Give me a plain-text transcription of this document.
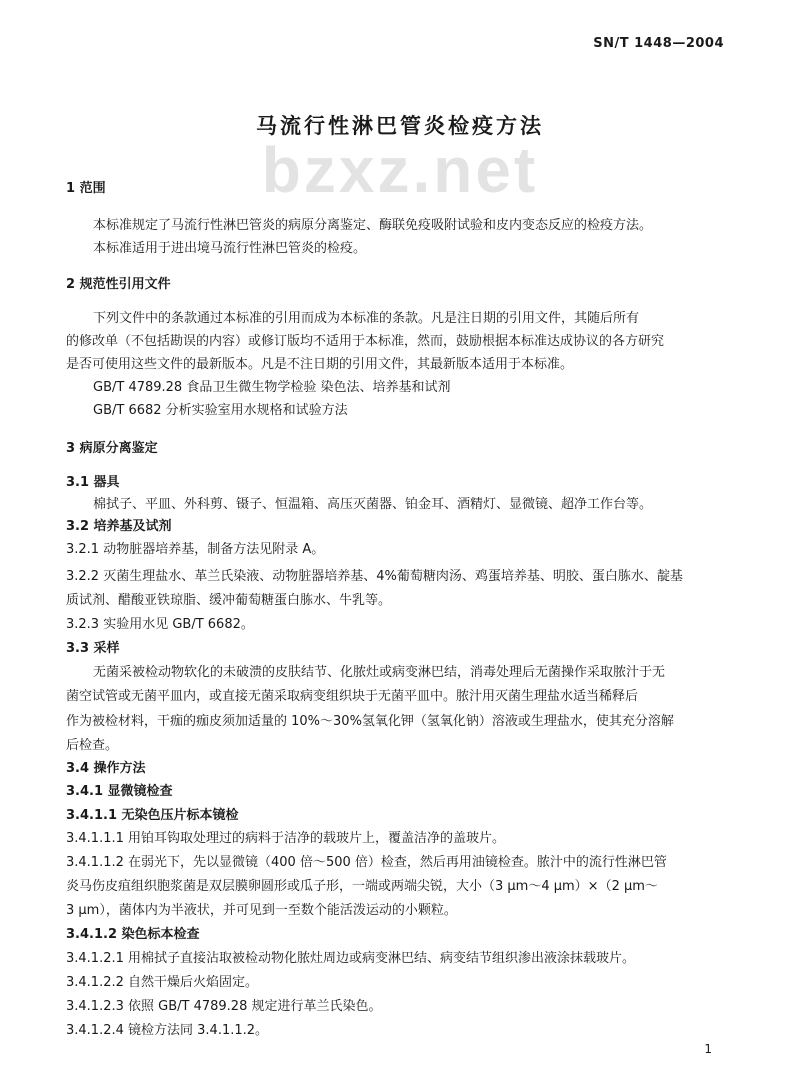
SN/T 1448—2004
bzxz.net
马流行性淋巴管炎检疫方法
1 范围
本标准规定了马流行性淋巴管炎的病原分离鉴定、酶联免疫吸附试验和皮内变态反应的检疫方法。
本标准适用于进出境马流行性淋巴管炎的检疫。
2 规范性引用文件
下列文件中的条款通过本标准的引用而成为本标准的条款。凡是注日期的引用文件，其随后所有
的修改单（不包括勘误的内容）或修订版均不适用于本标准，然而，鼓励根据本标准达成协议的各方研究
是否可使用这些文件的最新版本。凡是不注日期的引用文件，其最新版本适用于本标准。
GB/T 4789.28 食品卫生微生物学检验 染色法、培养基和试剂
GB/T 6682 分析实验室用水规格和试验方法
3 病原分离鉴定
3.1 器具
棉拭子、平皿、外科剪、镊子、恒温箱、高压灭菌器、铂金耳、酒精灯、显微镜、超净工作台等。
3.2 培养基及试剂
3.2.1 动物脏器培养基，制备方法见附录 A。
3.2.2 灭菌生理盐水、革兰氏染液、动物脏器培养基、4%葡萄糖肉汤、鸡蛋培养基、明胶、蛋白胨水、靛基
质试剂、醋酸亚铁琼脂、缓冲葡萄糖蛋白胨水、牛乳等。
3.2.3 实验用水见 GB/T 6682。
3.3 采样
无菌采被检动物软化的未破溃的皮肤结节、化脓灶或病变淋巴结，消毒处理后无菌操作采取脓汁于无
菌空试管或无菌平皿内，或直接无菌采取病变组织块于无菌平皿中。脓汁用灭菌生理盐水适当稀释后
作为被检材料，干痂的痂皮须加适量的 10%～30%氢氧化钾（氢氧化钠）溶液或生理盐水，使其充分溶解
后检查。
3.4 操作方法
3.4.1 显微镜检查
3.4.1.1 无染色压片标本镜检
3.4.1.1.1 用铂耳钩取处理过的病料于洁净的载玻片上，覆盖洁净的盖玻片。
3.4.1.1.2 在弱光下，先以显微镜（400 倍～500 倍）检查，然后再用油镜检查。脓汁中的流行性淋巴管
炎马伤皮疽组织胞浆菌是双层膜卵圆形或瓜子形，一端或两端尖锐，大小（3 μm～4 μm）×（2 μm～
3 μm），菌体内为半液状，并可见到一至数个能活泼运动的小颗粒。
3.4.1.2 染色标本检查
3.4.1.2.1 用棉拭子直接沾取被检动物化脓灶周边或病变淋巴结、病变结节组织渗出液涂抹载玻片。
3.4.1.2.2 自然干燥后火焰固定。
3.4.1.2.3 依照 GB/T 4789.28 规定进行革兰氏染色。
3.4.1.2.4 镜检方法同 3.4.1.1.2。
1
